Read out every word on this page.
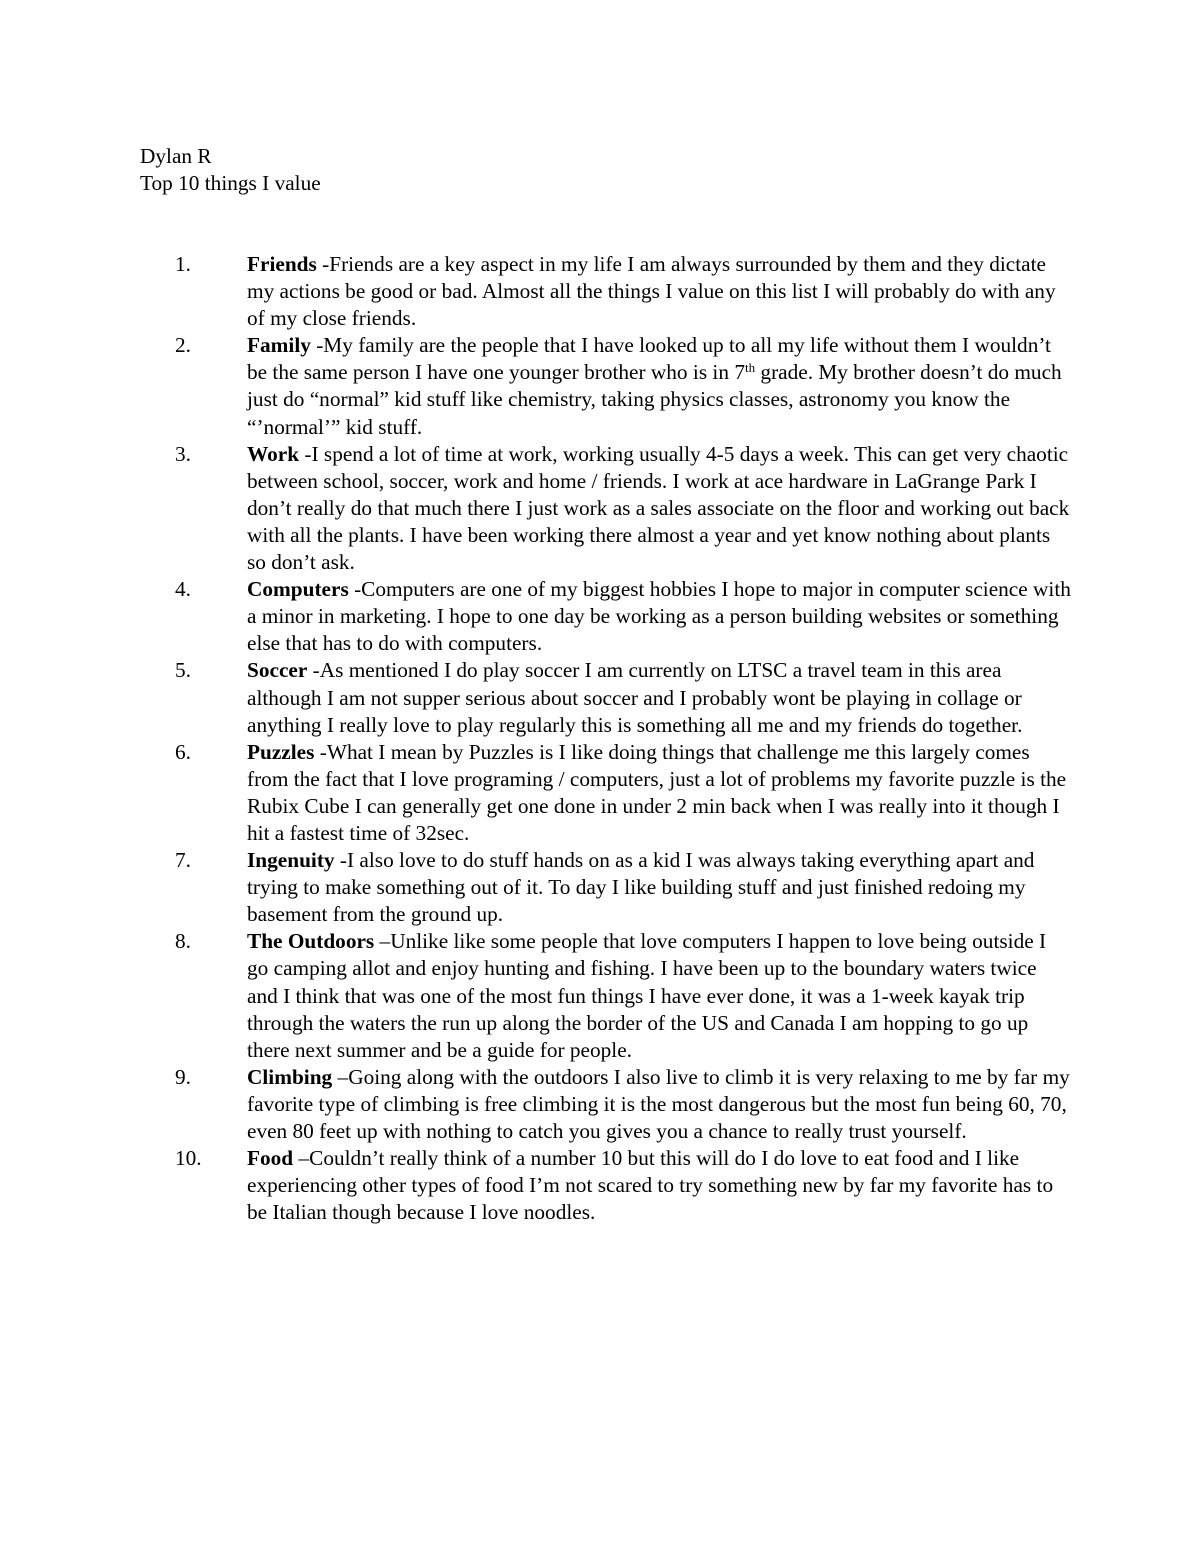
Dylan R
Top 10 things I value
1.	Friends -Friends are a key aspect in my life I am always surrounded by them and they dictate my actions be good or bad. Almost all the things I value on this list I will probably do with any of my close friends.
2.	Family -My family are the people that I have looked up to all my life without them I wouldn’t be the same person I have one younger brother who is in 7th grade. My brother doesn’t do much just do “normal” kid stuff like chemistry, taking physics classes, astronomy you know the “’normal’” kid stuff.
3.	Work -I spend a lot of time at work, working usually 4-5 days a week. This can get very chaotic between school, soccer, work and home / friends. I work at ace hardware in LaGrange Park I don’t really do that much there I just work as a sales associate on the floor and working out back with all the plants. I have been working there almost a year and yet know nothing about plants so don’t ask.
4.	Computers -Computers are one of my biggest hobbies I hope to major in computer science with a minor in marketing. I hope to one day be working as a person building websites or something else that has to do with computers.
5.	Soccer -As mentioned I do play soccer I am currently on LTSC a travel team in this area although I am not supper serious about soccer and I probably wont be playing in collage or anything I really love to play regularly this is something all me and my friends do together.
6.	Puzzles -What I mean by Puzzles is I like doing things that challenge me this largely comes from the fact that I love programing / computers, just a lot of problems my favorite puzzle is the Rubix Cube I can generally get one done in under 2 min back when I was really into it though I hit a fastest time of 32sec.
7.	Ingenuity -I also love to do stuff hands on as a kid I was always taking everything apart and trying to make something out of it. To day I like building stuff and just finished redoing my basement from the ground up.
8.	The Outdoors –Unlike like some people that love computers I happen to love being outside I go camping allot and enjoy hunting and fishing. I have been up to the boundary waters twice and I think that was one of the most fun things I have ever done, it was a 1-week kayak trip through the waters the run up along the border of the US and Canada I am hopping to go up there next summer and be a guide for people.
9.	Climbing –Going along with the outdoors I also live to climb it is very relaxing to me by far my favorite type of climbing is free climbing it is the most dangerous but the most fun being 60, 70, even 80 feet up with nothing to catch you gives you a chance to really trust yourself.
10. Food –Couldn’t really think of a number 10 but this will do I do love to eat food and I like experiencing other types of food I’m not scared to try something new by far my favorite has to be Italian though because I love noodles.
